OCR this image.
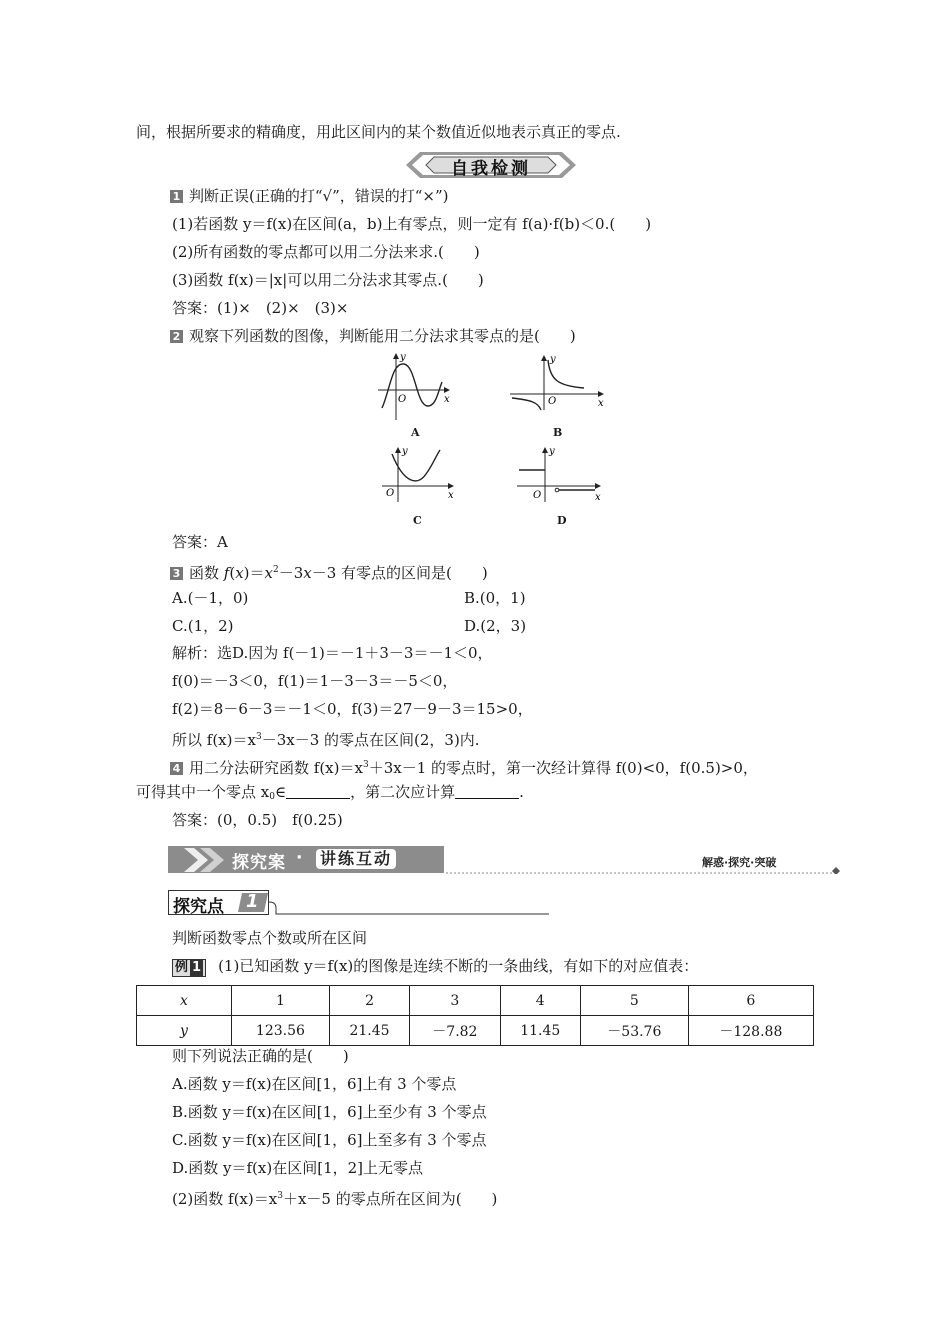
间，根据所要求的精确度，用此区间内的某个数值近似地表示真正的零点.
自我检测
1 判断正误(正确的打“√”，错误的打“×”)
(1)若函数 y＝f(x)在区间(a，b)上有零点，则一定有 f(a)·f(b)＜0.(　　)
(2)所有函数的零点都可以用二分法来求.(　　)
(3)函数 f(x)＝|x|可以用二分法求其零点.(　　)
答案：(1)×　(2)×　(3)×
2 观察下列函数的图像，判断能用二分法求其零点的是(　　)
y
x
O
A
y
x
O
B
y
x
O
C
y
x
O
D
答案：A
3 函数 $f(x)=x^2-3x-3$ 有零点的区间是(　　)
A.(－1，0)	B.(0，1)
C.(1，2)	D.(2，3)
解析：选D.因为 f(－1)＝－1＋3－3＝－1＜0，
f(0)＝－3＜0，f(1)＝1－3－3＝－5＜0，
f(2)＝8－6－3＝－1＜0，f(3)＝27－9－3＝15>0，
所以 $f(x)=x^3-3x-3$ 的零点在区间(2，3)内.
4 用二分法研究函数 $f(x)=x^3+3x-1$ 的零点时，第一次经计算得 f(0)<0，f(0.5)>0，
可得其中一个零点 $x_0\in$	，第二次应计算	.
答案：(0，0.5)　f(0.25)
探究案 · 讲练互动	解惑·探究·突破
探究点 1
判断函数零点个数或所在区间
例 1 (1)已知函数 y＝f(x)的图像是连续不断的一条曲线，有如下的对应值表：
x	1	2	3	4	5	6
y	123.56	21.45	－7.82	11.45	－53.76	－128.88
则下列说法正确的是(　　)
A.函数 y＝f(x)在区间[1，6]上有 3 个零点
B.函数 y＝f(x)在区间[1，6]上至少有 3 个零点
C.函数 y＝f(x)在区间[1，6]上至多有 3 个零点
D.函数 y＝f(x)在区间[1，2]上无零点
(2)函数 $f(x)=x^3+x-5$ 的零点所在区间为(　　)
